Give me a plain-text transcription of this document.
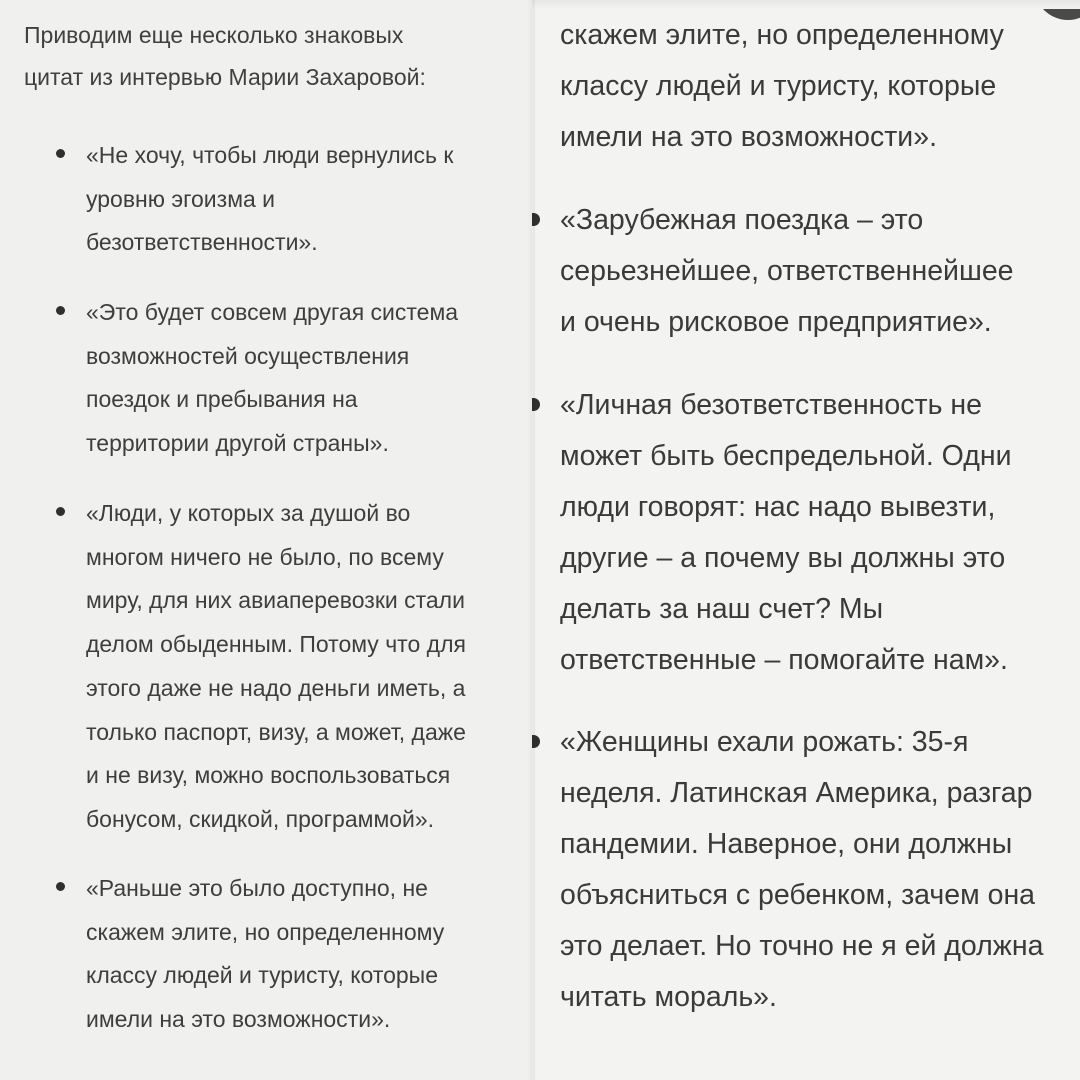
Приводим еще несколько знаковых
цитат из интервью Марии Захаровой:
«Не хочу, чтобы люди вернулись к
уровню эгоизма и
безответственности».
«Это будет совсем другая система
возможностей осуществления
поездок и пребывания на
территории другой страны».
«Люди, у которых за душой во
многом ничего не было, по всему
миру, для них авиаперевозки стали
делом обыденным. Потому что для
этого даже не надо деньги иметь, а
только паспорт, визу, а может, даже
и не визу, можно воспользоваться
бонусом, скидкой, программой».
«Раньше это было доступно, не
скажем элите, но определенному
классу людей и туристу, которые
имели на это возможности».
скажем элите, но определенному
классу людей и туристу, которые
имели на это возможности».
«Зарубежная поездка – это
серьезнейшее, ответственнейшее
и очень рисковое предприятие».
«Личная безответственность не
может быть беспредельной. Одни
люди говорят: нас надо вывезти,
другие – а почему вы должны это
делать за наш счет? Мы
ответственные – помогайте нам».
«Женщины ехали рожать: 35-я
неделя. Латинская Америка, разгар
пандемии. Наверное, они должны
объясниться с ребенком, зачем она
это делает. Но точно не я ей должна
читать мораль».
